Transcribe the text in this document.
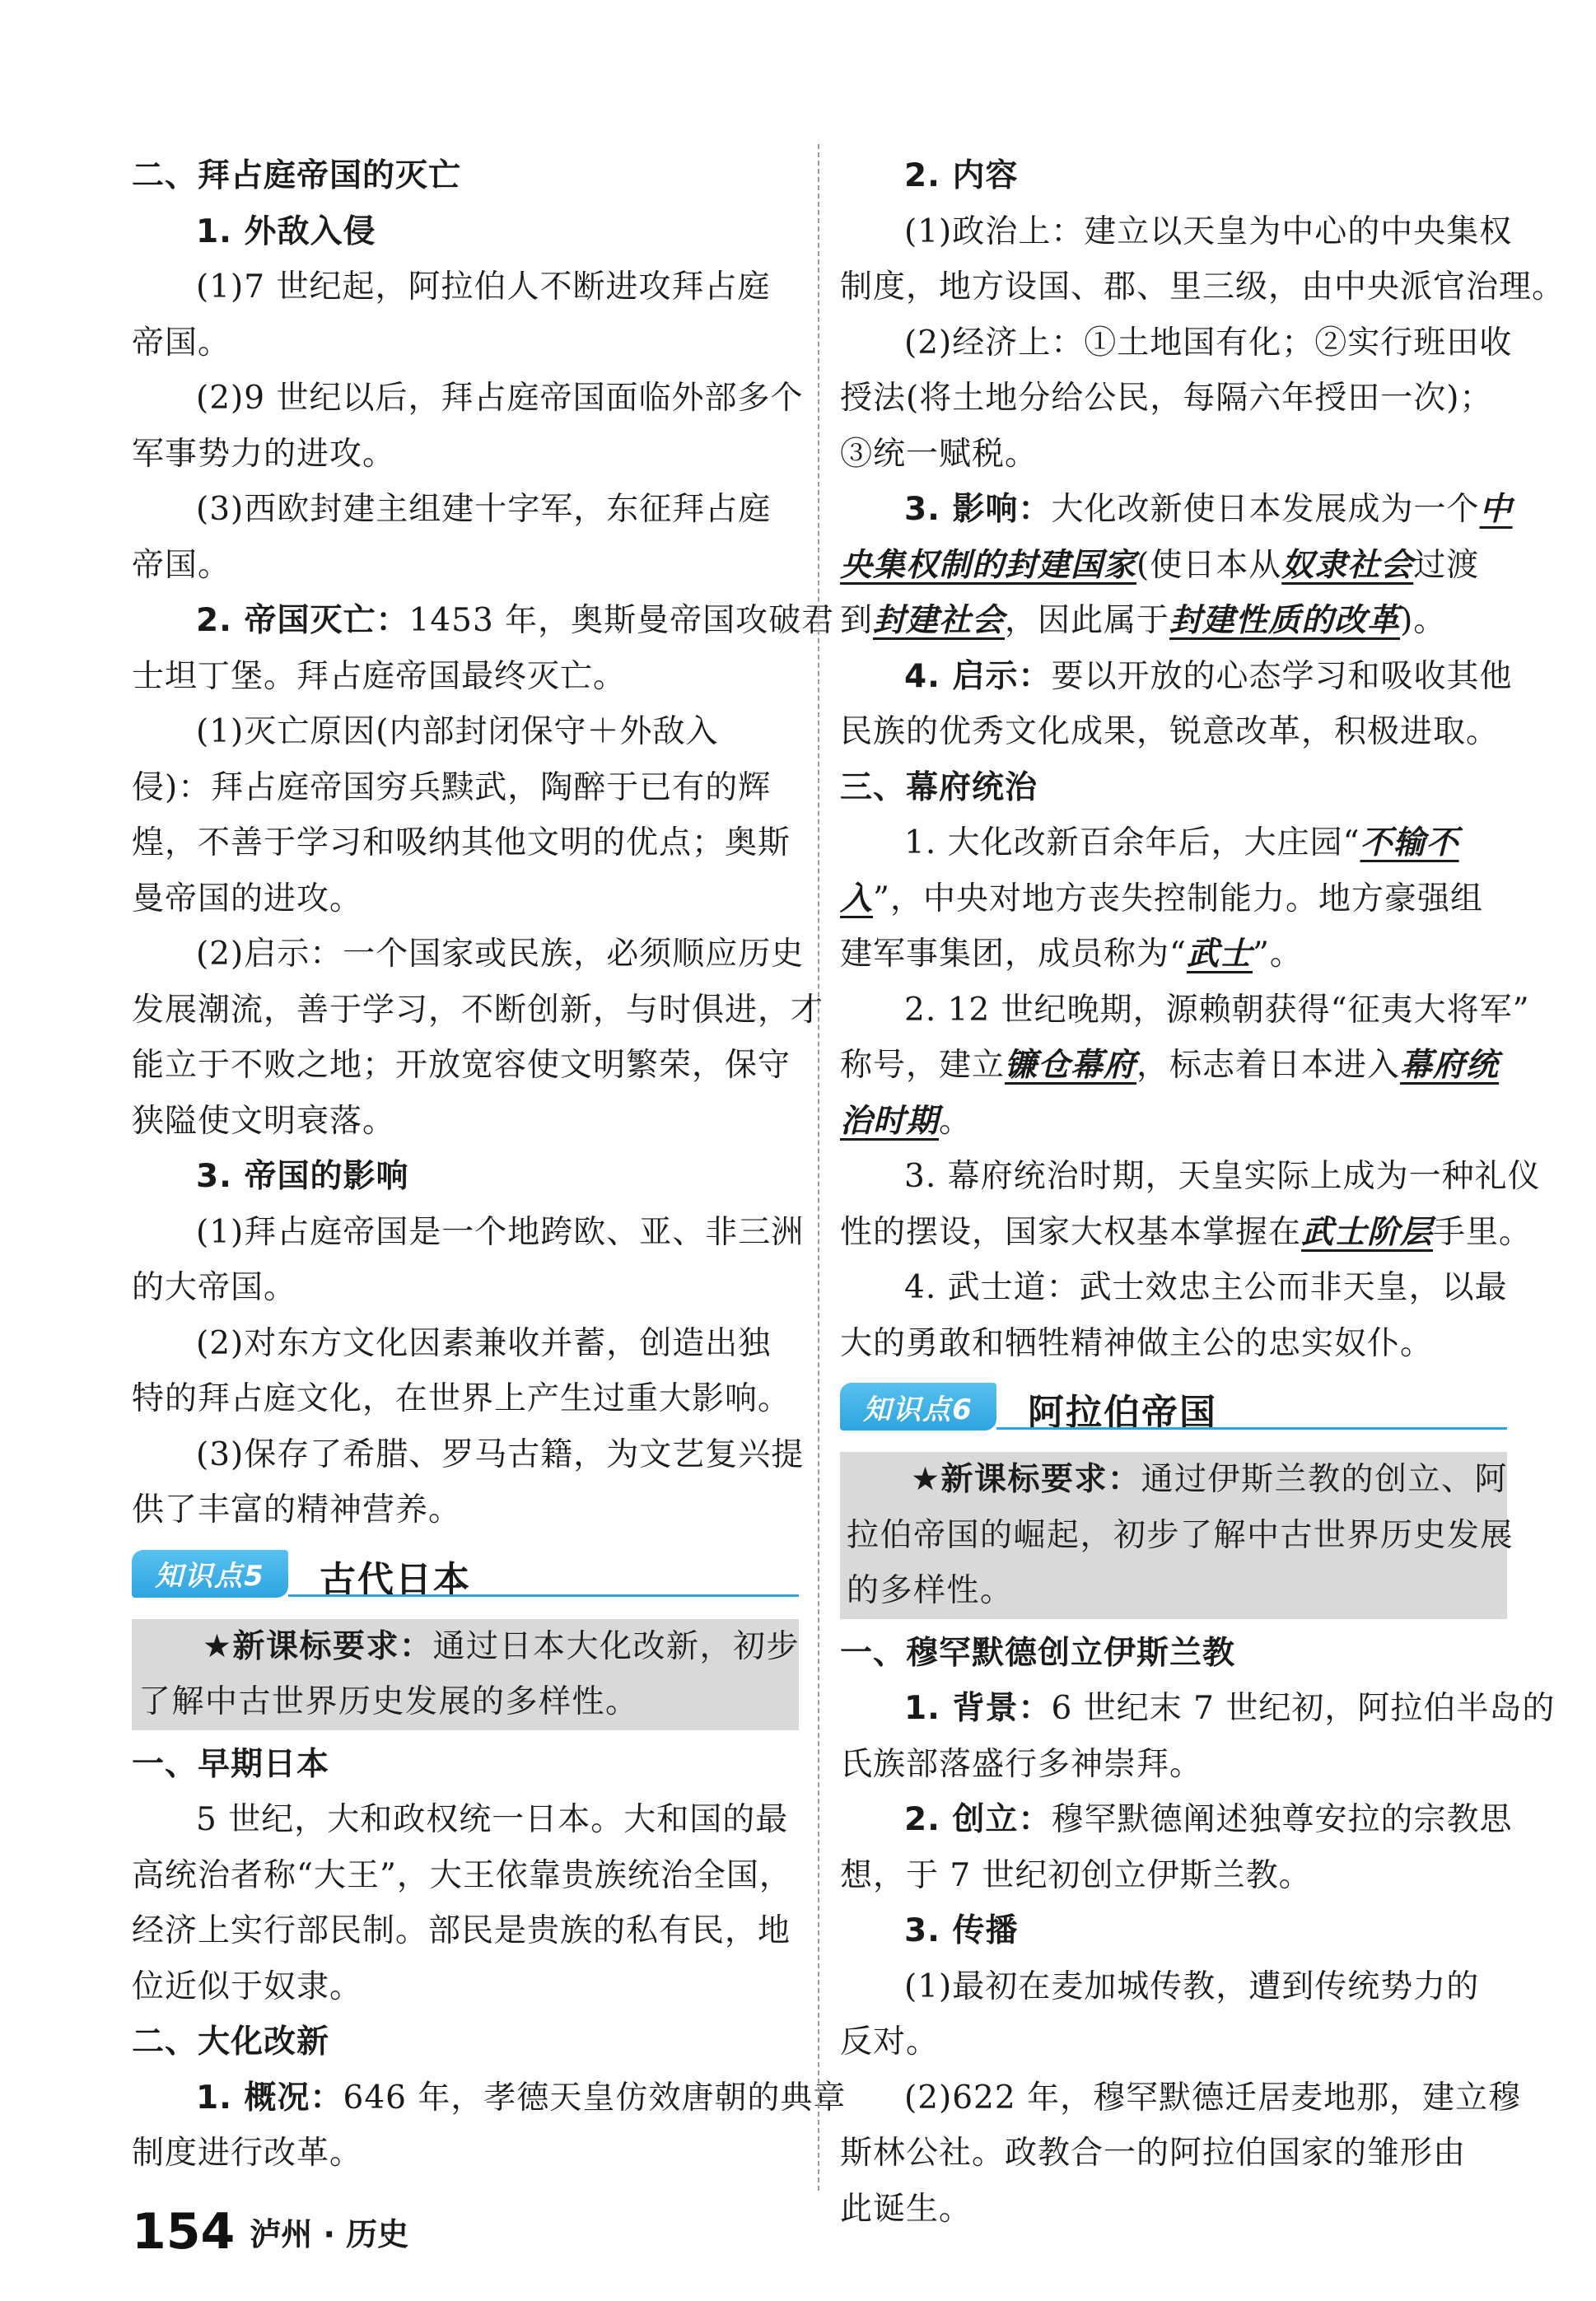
二、拜占庭帝国的灭亡
1. 外敌入侵
(1)7 世纪起，阿拉伯人不断进攻拜占庭
帝国。
(2)9 世纪以后，拜占庭帝国面临外部多个
军事势力的进攻。
(3)西欧封建主组建十字军，东征拜占庭
帝国。
2. 帝国灭亡：1453 年，奥斯曼帝国攻破君
士坦丁堡。拜占庭帝国最终灭亡。
(1)灭亡原因(内部封闭保守＋外敌入
侵)：拜占庭帝国穷兵黩武，陶醉于已有的辉
煌，不善于学习和吸纳其他文明的优点；奥斯
曼帝国的进攻。
(2)启示：一个国家或民族，必须顺应历史
发展潮流，善于学习，不断创新，与时俱进，才
能立于不败之地；开放宽容使文明繁荣，保守
狭隘使文明衰落。
3. 帝国的影响
(1)拜占庭帝国是一个地跨欧、亚、非三洲
的大帝国。
(2)对东方文化因素兼收并蓄，创造出独
特的拜占庭文化，在世界上产生过重大影响。
(3)保存了希腊、罗马古籍，为文艺复兴提
供了丰富的精神营养。
知识点5	古代日本
★新课标要求：通过日本大化改新，初步
了解中古世界历史发展的多样性。
一、早期日本
5 世纪，大和政权统一日本。大和国的最
高统治者称“大王”，大王依靠贵族统治全国，
经济上实行部民制。部民是贵族的私有民，地
位近似于奴隶。
二、大化改新
1. 概况：646 年，孝德天皇仿效唐朝的典章
制度进行改革。
2. 内容
(1)政治上：建立以天皇为中心的中央集权
制度，地方设国、郡、里三级，由中央派官治理。
(2)经济上：①土地国有化；②实行班田收
授法(将土地分给公民，每隔六年授田一次)；
③统一赋税。
3. 影响：大化改新使日本发展成为一个中
央集权制的封建国家(使日本从奴隶社会过渡
到封建社会，因此属于封建性质的改革)。
4. 启示：要以开放的心态学习和吸收其他
民族的优秀文化成果，锐意改革，积极进取。
三、幕府统治
1. 大化改新百余年后，大庄园“不输不
入”，中央对地方丧失控制能力。地方豪强组
建军事集团，成员称为“武士”。
2. 12 世纪晚期，源赖朝获得“征夷大将军”
称号，建立镰仓幕府，标志着日本进入幕府统
治时期。
3. 幕府统治时期，天皇实际上成为一种礼仪
性的摆设，国家大权基本掌握在武士阶层手里。
4. 武士道：武士效忠主公而非天皇，以最
大的勇敢和牺牲精神做主公的忠实奴仆。
知识点6	阿拉伯帝国
★新课标要求：通过伊斯兰教的创立、阿
拉伯帝国的崛起，初步了解中古世界历史发展
的多样性。
一、穆罕默德创立伊斯兰教
1. 背景：6 世纪末 7 世纪初，阿拉伯半岛的
氏族部落盛行多神崇拜。
2. 创立：穆罕默德阐述独尊安拉的宗教思
想，于 7 世纪初创立伊斯兰教。
3. 传播
(1)最初在麦加城传教，遭到传统势力的
反对。
(2)622 年，穆罕默德迁居麦地那，建立穆
斯林公社。政教合一的阿拉伯国家的雏形由
此诞生。
154 泸州 · 历史
